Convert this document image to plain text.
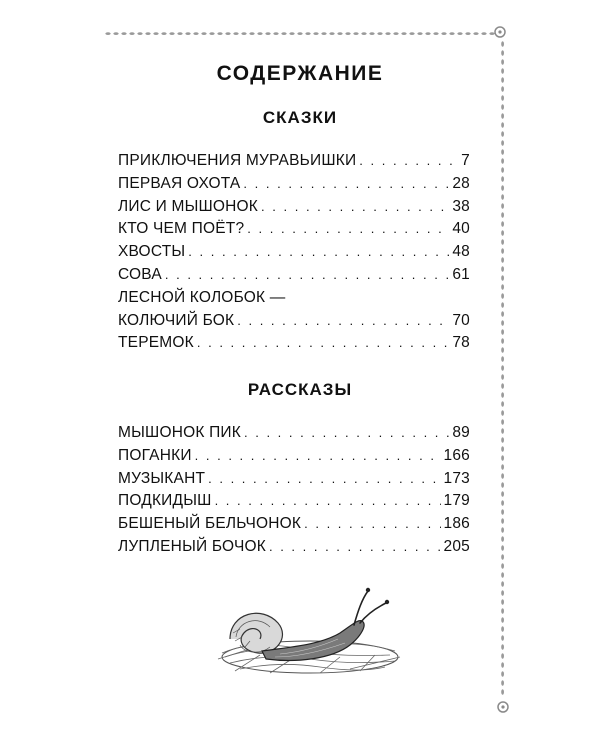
СОДЕРЖАНИЕ
СКАЗКИ
ПРИКЛЮЧЕНИЯ МУРАВЬИШКИ . . .	7
ПЕРВАЯ ОХОТА . . .	28
ЛИС И МЫШОНОК . . .	38
КТО ЧЕМ ПОЁТ? . . .	40
ХВОСТЫ . . .	48
СОВА . . .	61
ЛЕСНОЙ КОЛОБОК —
КОЛЮЧИЙ БОК . . .	70
ТЕРЕМОК . . .	78
РАССКАЗЫ
МЫШОНОК ПИК . . .	89
ПОГАНКИ . . .	166
МУЗЫКАНТ . . .	173
ПОДКИДЫШ . . .	179
БЕШЕНЫЙ БЕЛЬЧОНОК . . .	186
ЛУПЛЕНЫЙ БОЧОК . . .	205
